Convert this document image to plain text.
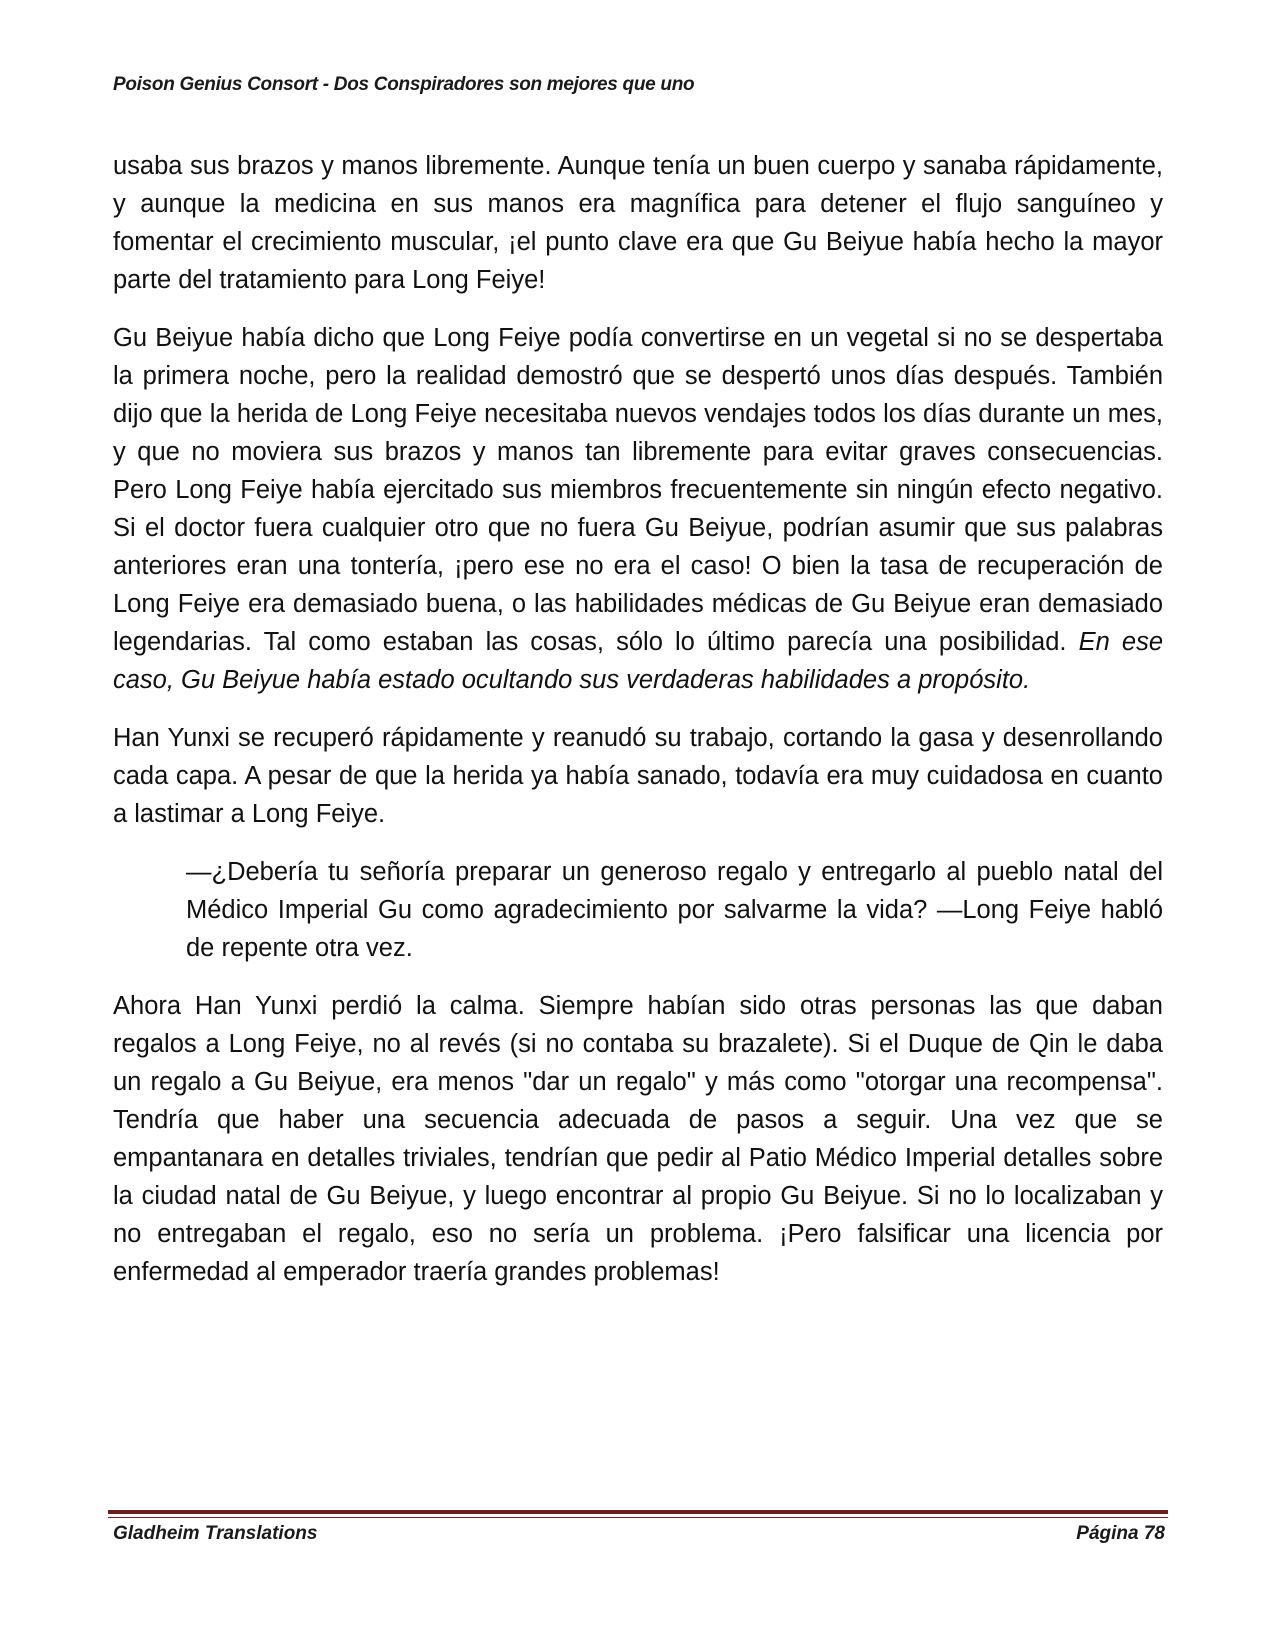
Poison Genius Consort - Dos Conspiradores son mejores que uno

usaba sus brazos y manos libremente. Aunque tenía un buen cuerpo y sanaba rápidamente, y aunque la medicina en sus manos era magnífica para detener el flujo sanguíneo y fomentar el crecimiento muscular, ¡el punto clave era que Gu Beiyue había hecho la mayor parte del tratamiento para Long Feiye!

Gu Beiyue había dicho que Long Feiye podía convertirse en un vegetal si no se despertaba la primera noche, pero la realidad demostró que se despertó unos días después. También dijo que la herida de Long Feiye necesitaba nuevos vendajes todos los días durante un mes, y que no moviera sus brazos y manos tan libremente para evitar graves consecuencias. Pero Long Feiye había ejercitado sus miembros frecuentemente sin ningún efecto negativo. Si el doctor fuera cualquier otro que no fuera Gu Beiyue, podrían asumir que sus palabras anteriores eran una tontería, ¡pero ese no era el caso! O bien la tasa de recuperación de Long Feiye era demasiado buena, o las habilidades médicas de Gu Beiyue eran demasiado legendarias. Tal como estaban las cosas, sólo lo último parecía una posibilidad. En ese caso, Gu Beiyue había estado ocultando sus verdaderas habilidades a propósito.

Han Yunxi se recuperó rápidamente y reanudó su trabajo, cortando la gasa y desenrollando cada capa. A pesar de que la herida ya había sanado, todavía era muy cuidadosa en cuanto a lastimar a Long Feiye.

—¿Debería tu señoría preparar un generoso regalo y entregarlo al pueblo natal del Médico Imperial Gu como agradecimiento por salvarme la vida? —Long Feiye habló de repente otra vez.

Ahora Han Yunxi perdió la calma. Siempre habían sido otras personas las que daban regalos a Long Feiye, no al revés (si no contaba su brazalete). Si el Duque de Qin le daba un regalo a Gu Beiyue, era menos "dar un regalo" y más como "otorgar una recompensa". Tendría que haber una secuencia adecuada de pasos a seguir. Una vez que se empantanara en detalles triviales, tendrían que pedir al Patio Médico Imperial detalles sobre la ciudad natal de Gu Beiyue, y luego encontrar al propio Gu Beiyue. Si no lo localizaban y no entregaban el regalo, eso no sería un problema. ¡Pero falsificar una licencia por enfermedad al emperador traería grandes problemas!

Gladheim Translations	Página 78
